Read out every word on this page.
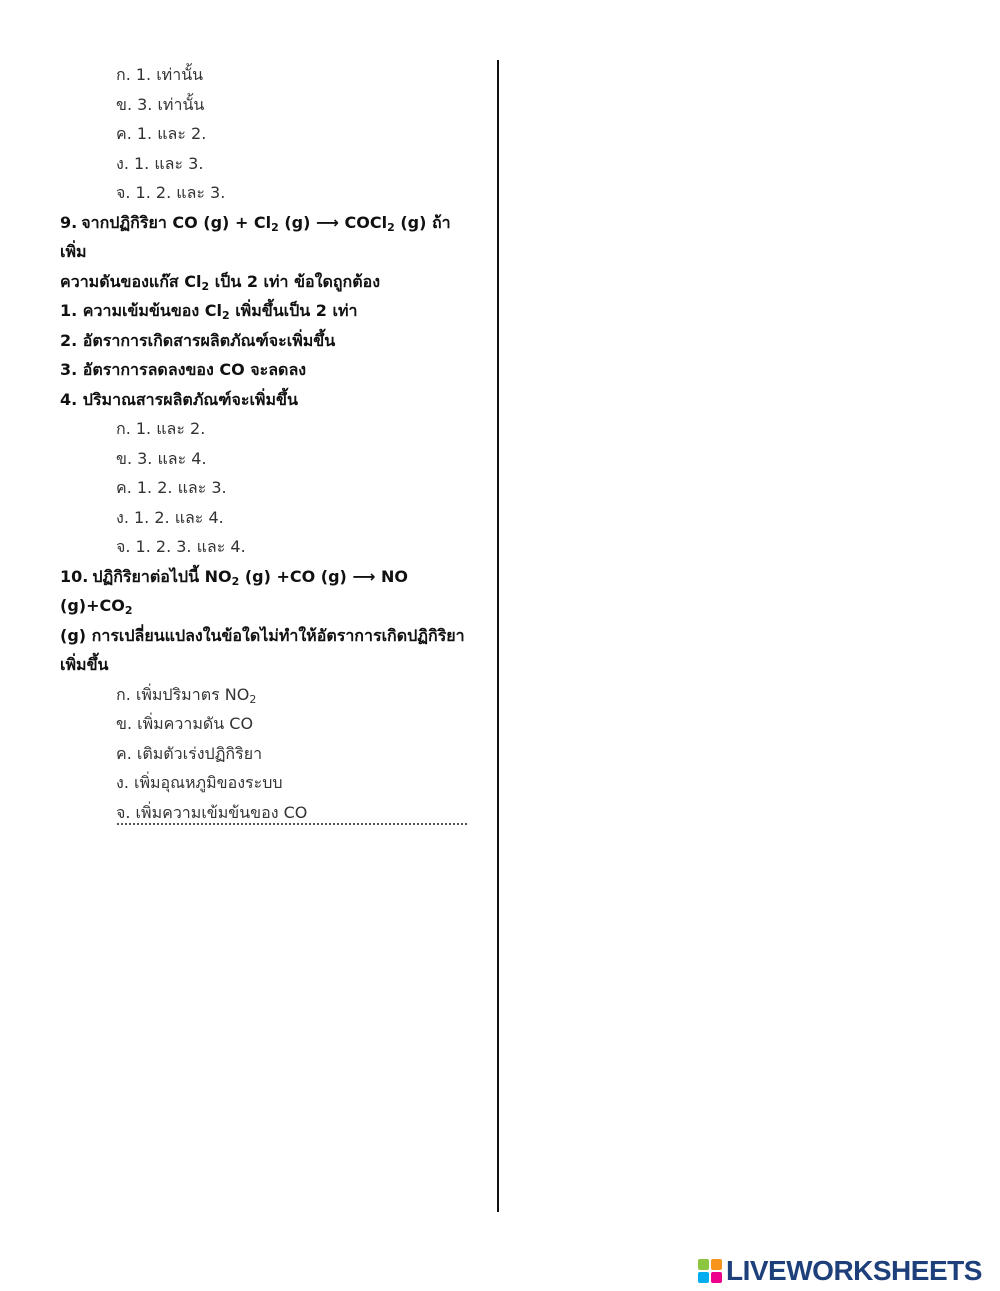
ก. 1. เท่านั้น
ข. 3. เท่านั้น
ค. 1. และ 2.
ง. 1. และ 3.
จ. 1. 2. และ 3.
9. จากปฏิกิริยา CO $(g) + Cl_2$ (g) ⟶ COCl$_2$ (g) ถ้าเพิ่ม
ความดันของแก๊ส $Cl_2$ เป็น 2 เท่า ข้อใดถูกต้อง
1. ความเข้มข้นของ $Cl_2$ เพิ่มขึ้นเป็น 2 เท่า
2. อัตราการเกิดสารผลิตภัณฑ์จะเพิ่มขึ้น
3. อัตราการลดลงของ CO จะลดลง
4. ปริมาณสารผลิตภัณฑ์จะเพิ่มขึ้น
ก. 1. และ 2.
ข. 3. และ 4.
ค. 1. 2. และ 3.
ง. 1. 2. และ 4.
จ. 1. 2. 3. และ 4.
10. ปฏิกิริยาต่อไปนี้ $NO_2$ (g) +CO (g) ⟶ NO $(g)+CO_2$
(g) การเปลี่ยนแปลงในข้อใดไม่ทำให้อัตราการเกิดปฏิกิริยา
เพิ่มขึ้น
ก. เพิ่มปริมาตร $NO_2$
ข. เพิ่มความดัน CO
ค. เติมตัวเร่งปฏิกิริยา
ง. เพิ่มอุณหภูมิของระบบ
จ. เพิ่มความเข้มข้นของ CO
LIVEWORKSHEETS
